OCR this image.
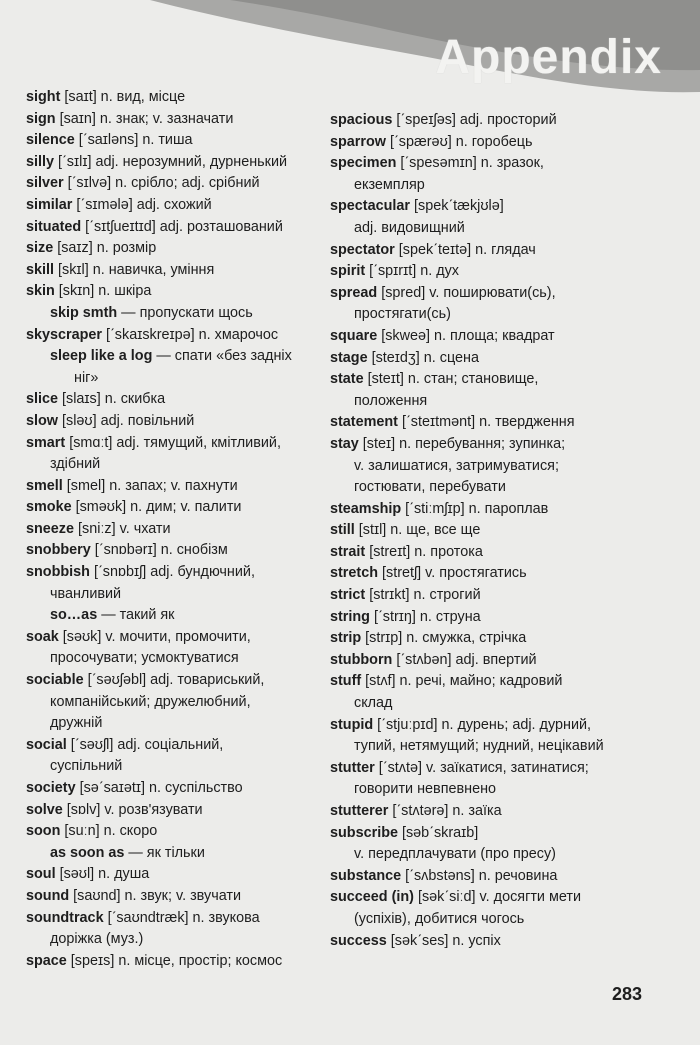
Appendix
sight [saɪt] n. вид, місце
sign [saɪn] n. знак; v. зазначати
silence [ˊsaɪləns] n. тиша
silly [ˊsɪlɪ] adj. нерозумний, дурненький
silver [ˊsɪlvə] n. срібло; adj. срібний
similar [ˊsɪmələ] adj. схожий
situated [ˊsɪtʃueɪtɪd] adj. розташований
size [saɪz] n. розмір
skill [skɪl] n. навичка, уміння
skin [skɪn] n. шкіра
skip smth — пропускати щось
skyscraper [ˊskaɪskreɪpə] n. хмарочос
sleep like a log — спати «без задніх
ніг»
slice [slaɪs] n. скибка
slow [sləʊ] adj. повільний
smart [smɑːt] adj. тямущий, кмітливий,
здібний
smell [smel] n. запах; v. пахнути
smoke [sməʊk] n. дим; v. палити
sneeze [sniːz] v. чхати
snobbery [ˊsnɒbərɪ] n. снобізм
snobbish [ˊsnɒbɪʃ] adj. бундючний,
чванливий
so…as — такий як
soak [səʊk] v. мочити, промочити,
просочувати; усмоктуватися
sociable [ˊsəʊʃəbl] adj. товариський,
компанійський; дружелюбний,
дружній
social [ˊsəʊʃl] adj. соціальний,
суспільний
society [səˊsaɪətɪ] n. суспільство
solve [sɒlv] v. розв'язувати
soon [suːn] n. скоро
as soon as — як тільки
soul [səʊl] n. душа
sound [saʊnd] n. звук; v. звучати
soundtrack [ˊsaʊndtræk] n. звукова
доріжка (муз.)
space [speɪs] n. місце, простір; космос
spacious [ˊspeɪʃəs] adj. просторий
sparrow [ˊspærəʊ] n. горобець
specimen [ˊspesəmɪn] n. зразок,
екземпляр
spectacular [spekˊtækjʊlə]
adj. видовищний
spectator [spekˊteɪtə] n. глядач
spirit [ˊspɪrɪt] n. дух
spread [spred] v. поширювати(сь),
простягати(сь)
square [skweə] n. площа; квадрат
stage [steɪdʒ] n. сцена
state [steɪt] n. стан; становище,
положення
statement [ˊsteɪtmənt] n. твердження
stay [steɪ] n. перебування; зупинка;
v. залишатися, затримуватися;
гостювати, перебувати
steamship [ˊstiːmʃɪp] n. пароплав
still [stɪl] n. ще, все ще
strait [streɪt] n. протока
stretch [stretʃ] v. простягатись
strict [strɪkt] n. строгий
string [ˊstrɪŋ] n. струна
strip [strɪp] n. смужка, стрічка
stubborn [ˊstʌbən] adj. впертий
stuff [stʌf] n. речі, майно; кадровий
склад
stupid [ˊstjuːpɪd] n. дурень; adj. дурний,
тупий, нетямущий; нудний, нецікавий
stutter [ˊstʌtə] v. заїкатися, затинатися;
говорити невпевнено
stutterer [ˊstʌtərə] n. заїка
subscribe [səbˊskraɪb]
v. передплачувати (про пресу)
substance [ˊsʌbstəns] n. речовина
succeed (in) [səkˊsiːd] v. досягти мети
(успіхів), добитися чогось
success [səkˊses] n. успіх
283
